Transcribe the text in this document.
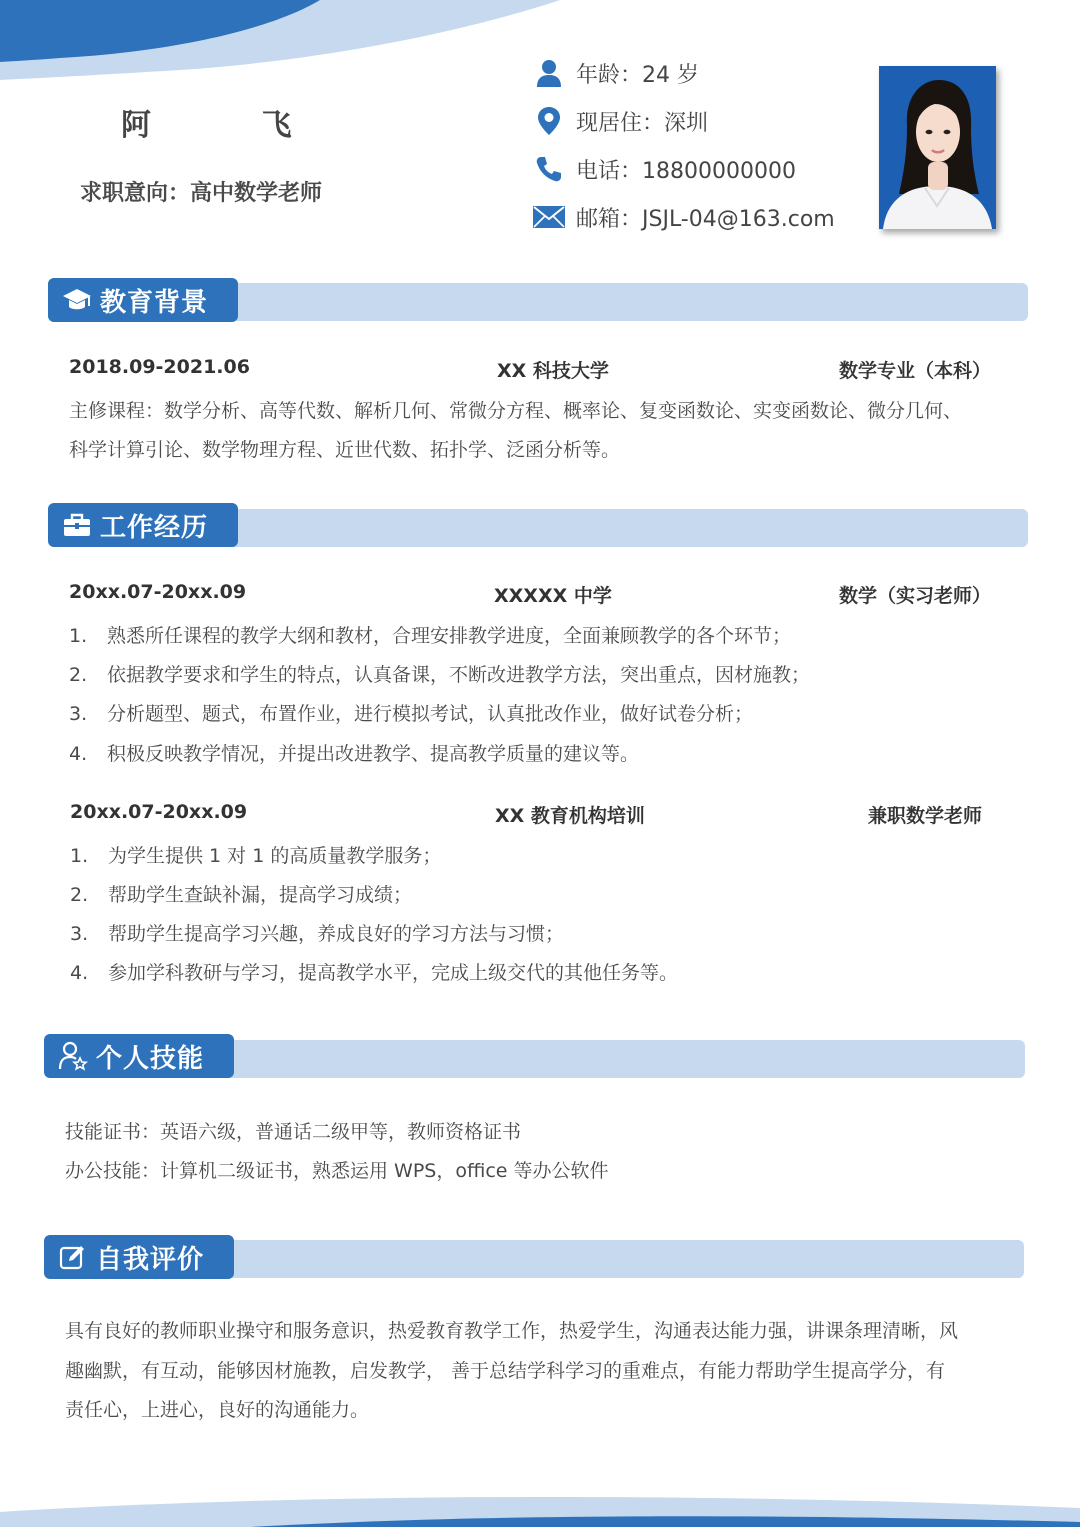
阿 飞
求职意向：高中数学老师
年龄：24 岁
现居住：深圳
电话：18800000000
邮箱：JSJL-04@163.com
教育背景
2018.09-2021.06	XX 科技大学	数学专业（本科）
主修课程：数学分析、高等代数、解析几何、常微分方程、概率论、复变函数论、实变函数论、微分几何、
科学计算引论、数学物理方程、近世代数、拓扑学、泛函分析等。
工作经历
20xx.07-20xx.09	XXXXX 中学	数学（实习老师）
1. 熟悉所任课程的教学大纲和教材，合理安排教学进度，全面兼顾教学的各个环节；
2. 依据教学要求和学生的特点，认真备课，不断改进教学方法，突出重点，因材施教；
3. 分析题型、题式，布置作业，进行模拟考试，认真批改作业，做好试卷分析；
4. 积极反映教学情况，并提出改进教学、提高教学质量的建议等。
20xx.07-20xx.09	XX 教育机构培训	兼职数学老师
1. 为学生提供 1 对 1 的高质量教学服务；
2. 帮助学生查缺补漏，提高学习成绩；
3. 帮助学生提高学习兴趣，养成良好的学习方法与习惯；
4. 参加学科教研与学习，提高教学水平，完成上级交代的其他任务等。
个人技能
技能证书：英语六级，普通话二级甲等，教师资格证书
办公技能：计算机二级证书，熟悉运用 WPS，office 等办公软件
自我评价
具有良好的教师职业操守和服务意识，热爱教育教学工作，热爱学生，沟通表达能力强，讲课条理清晰，风
趣幽默，有互动，能够因材施教，启发教学， 善于总结学科学习的重难点，有能力帮助学生提高学分，有
责任心，上进心，良好的沟通能力。
